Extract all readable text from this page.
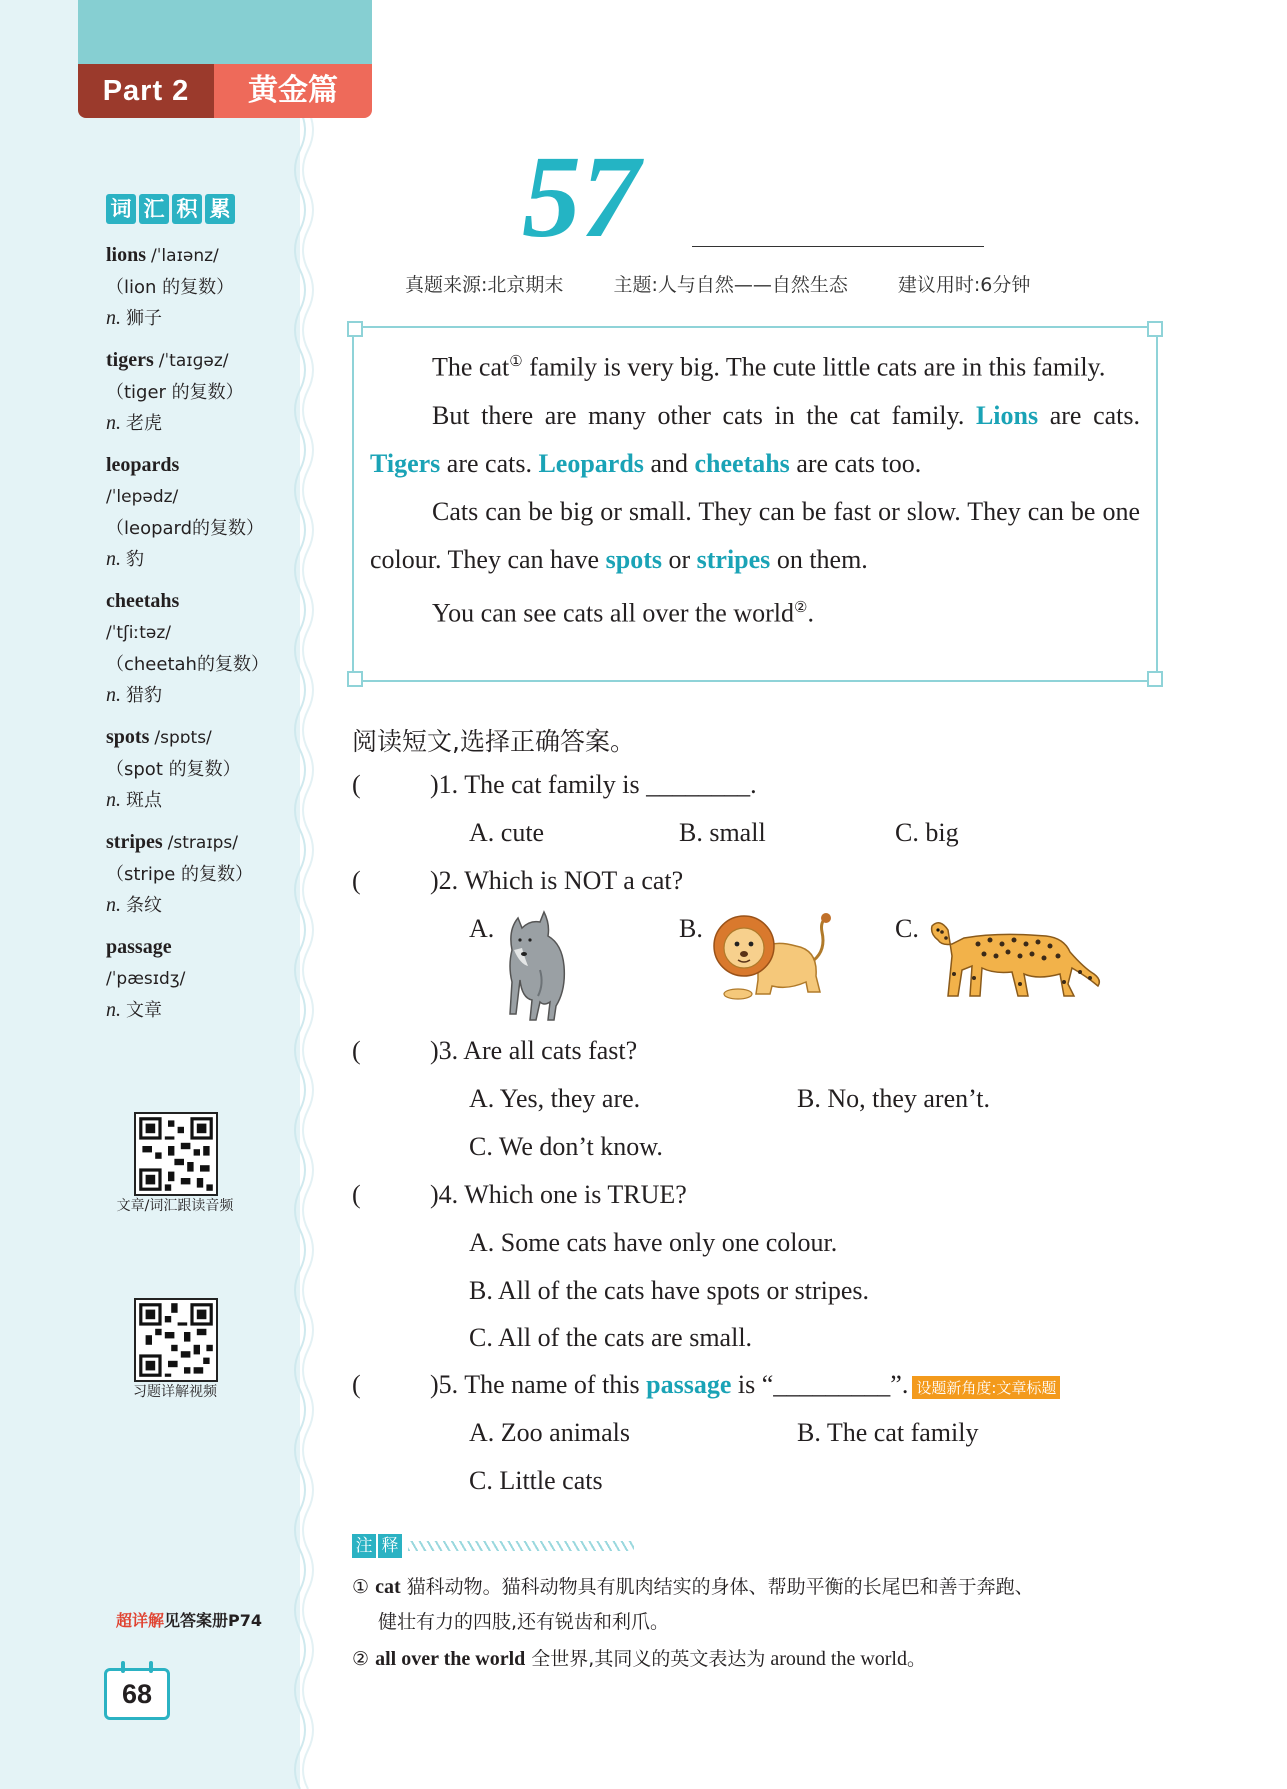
Part 2	黄金篇
词 汇 积 累
lions /ˈlaɪənz/
（lion 的复数）
n. 狮子
tigers /ˈtaɪɡəz/
（tiger 的复数）
n. 老虎
leopards
/ˈlepədz/
（leopard的复数）
n. 豹
cheetahs
/ˈtʃiːtəz/
（cheetah的复数）
n. 猎豹
spots /spɒts/
（spot 的复数）
n. 斑点
stripes /straɪps/
（stripe 的复数）
n. 条纹
passage
/ˈpæsɪdʒ/
n. 文章
文章/词汇跟读音频
习题详解视频
超详解见答案册P74
68
57
真题来源:北京期末	主题:人与自然——自然生态	建议用时:6分钟

The cat① family is very big. The cute little cats are in this family.

But there are many other cats in the cat family. Lions are cats. Tigers are cats. Leopards and cheetahs are cats too.

Cats can be big or small. They can be fast or slow. They can be one colour. They can have spots or stripes on them.

You can see cats all over the world②.

阅读短文,选择正确答案。
(	)1. The cat family is ________.
A. cute	B. small	C. big
(	)2. Which is NOT a cat?
A.	B.	C.
(	)3. Are all cats fast?
A. Yes, they are.	B. No, they aren’t.
C. We don’t know.
(	)4. Which one is TRUE?
A. Some cats have only one colour.
B. All of the cats have spots or stripes.
C. All of the cats are small.
(	)5. The name of this passage is “_________”. 设题新角度:文章标题
A. Zoo animals	B. The cat family
C. Little cats
注 释
① cat 猫科动物。猫科动物具有肌肉结实的身体、帮助平衡的长尾巴和善于奔跑、
健壮有力的四肢,还有锐齿和利爪。
② all over the world 全世界,其同义的英文表达为 around the world。
